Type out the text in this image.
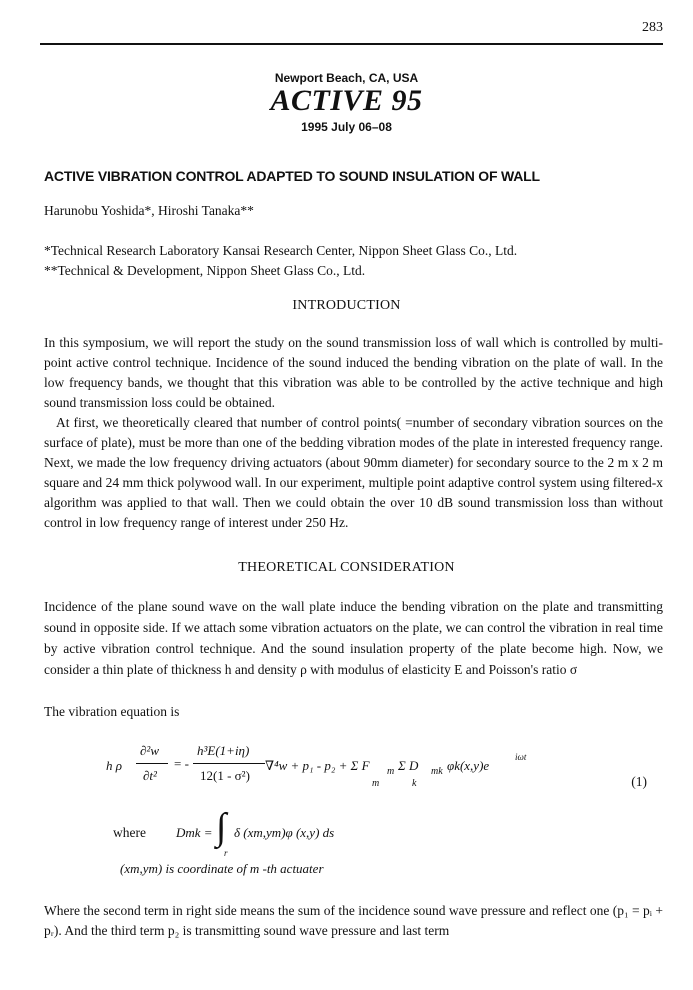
283
Newport Beach, CA, USA
ACTIVE 95
1995 July 06–08
ACTIVE VIBRATION CONTROL ADAPTED TO SOUND INSULATION OF WALL
Harunobu Yoshida*, Hiroshi Tanaka**
*Technical Research Laboratory Kansai Research Center, Nippon Sheet Glass Co., Ltd.
**Technical & Development, Nippon Sheet Glass Co., Ltd.
INTRODUCTION

In this symposium, we will report the study on the sound transmission loss of wall which is controlled by multi-point active control technique. Incidence of the sound induced the bending vibration on the plate of wall. In the low frequency bands, we thought that this vibration was able to be controlled by the active technique and high sound transmission loss could be obtained.

At first, we theoretically cleared that number of control points( =number of secondary vibration sources on the surface of plate), must be more than one of the bedding vibration modes of the plate in interested frequency range. Next, we made the low frequency driving actuators (about 90mm diameter) for secondary source to the 2 m x 2 m square and 24 mm thick polywood wall. In our experiment, multiple point adaptive control system using filtered-x algorithm was applied to that wall. Then we could obtain the over 10 dB sound transmission loss than without control in low frequency range of interest under 250 Hz.

THEORETICAL CONSIDERATION

Incidence of the plane sound wave on the wall plate induce the bending vibration on the plate and transmitting sound in opposite side. If we attach some vibration actuators on the plate, we can control the vibration in real time by active vibration control technique. And the sound insulation property of the plate become high. Now, we consider a thin plate of thickness h and density ρ with modulus of elasticity E and Poisson's ratio σ

The vibration equation is
h ρ
∂²w
∂t²
= -
h³E(1+iη)
12(1 - σ²)
∇⁴w + p₁ - p₂ + Σ F m Σ D mk φk(x,y)e
iωt
m	k	(1)
where Dmk = ∫
r
δ (xm,ym)φ (x,y) ds
(xm,ym) is coordinate of m -th actuater

Where the second term in right side means the sum of the incidence sound wave pressure and reflect one (p₁ = pᵢ + pᵣ). And the third term p₂ is transmitting sound wave pressure and last term
